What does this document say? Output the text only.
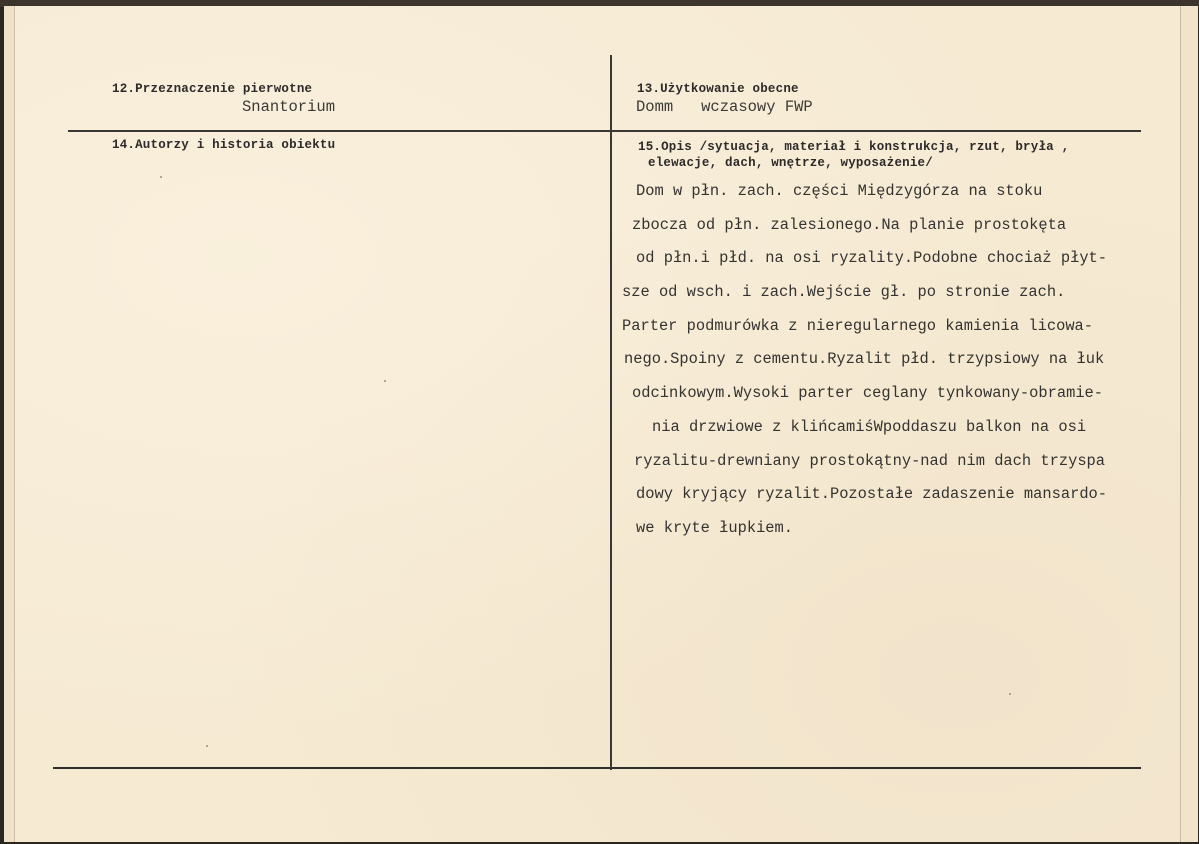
12.Przeznaczenie pierwotne
Snantorium
13.Użytkowanie obecne
Domm   wczasowy FWP
14.Autorzy i historia obiektu	15.Opis /sytuacja, materiał i konstrukcja, rzut, bryła ,
elewacje, dach, wnętrze, wyposażenie/
Dom w płn. zach. części Międzygórza na stoku
zbocza od płn. zalesionego.Na planie prostokęta
od płn.i płd. na osi ryzality.Podobne chociaż płyt-
sze od wsch. i zach.Wejście gł. po stronie zach.
Parter podmurówka z nieregularnego kamienia licowa-
nego.Spoiny z cementu.Ryzalit płd. trzypsiowy na łuk
odcinkowym.Wysoki parter ceglany tynkowany-obramie-
nia drzwiowe z klińcamiśWpoddaszu balkon na osi
ryzalitu-drewniany prostokątny-nad nim dach trzyspa
dowy kryjący ryzalit.Pozostałe zadaszenie mansardo-
we kryte łupkiem.
